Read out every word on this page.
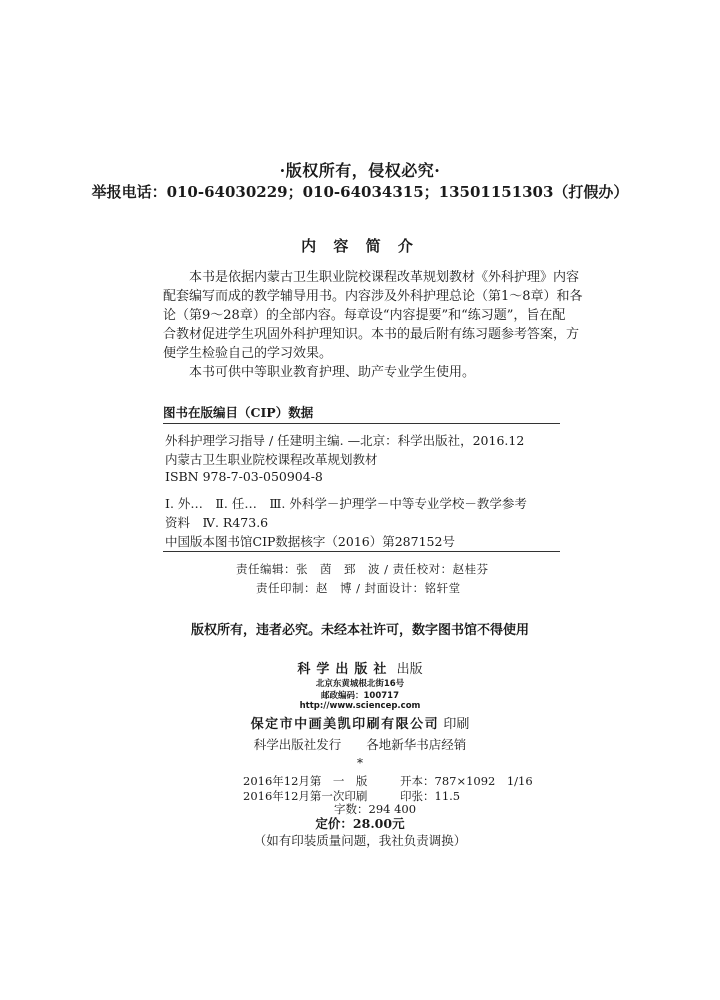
·版权所有，侵权必究·
举报电话：010-64030229；010-64034315；13501151303（打假办）
内 容 简 介
本书是依据内蒙古卫生职业院校课程改革规划教材《外科护理》内容
配套编写而成的教学辅导用书。内容涉及外科护理总论（第1～8章）和各
论（第9～28章）的全部内容。每章设“内容提要”和“练习题”，旨在配
合教材促进学生巩固外科护理知识。本书的最后附有练习题参考答案，方
便学生检验自己的学习效果。
本书可供中等职业教育护理、助产专业学生使用。
图书在版编目（CIP）数据
外科护理学习指导 / 任建明主编. —北京：科学出版社，2016.12
内蒙古卫生职业院校课程改革规划教材
ISBN 978-7-03-050904-8
Ⅰ. 外…　Ⅱ. 任…　Ⅲ. 外科学－护理学－中等专业学校－教学参考
资料　Ⅳ. R473.6
中国版本图书馆CIP数据核字（2016）第287152号
责任编辑：张　茵　郅　波 / 责任校对：赵桂芬
责任印制：赵　博 / 封面设计：铭轩堂
版权所有，违者必究。未经本社许可，数字图书馆不得使用
科学出版社 出版
北京东黄城根北街16号
邮政编码：100717
http://www.sciencep.com
保定市中画美凯印刷有限公司 印刷
科学出版社发行　　各地新华书店经销
*
2016年12月第　一　版	开本：787×1092　1/16
2016年12月第一次印刷	印张：11.5
字数：294 400
定价：28.00元
（如有印装质量问题，我社负责调换）
